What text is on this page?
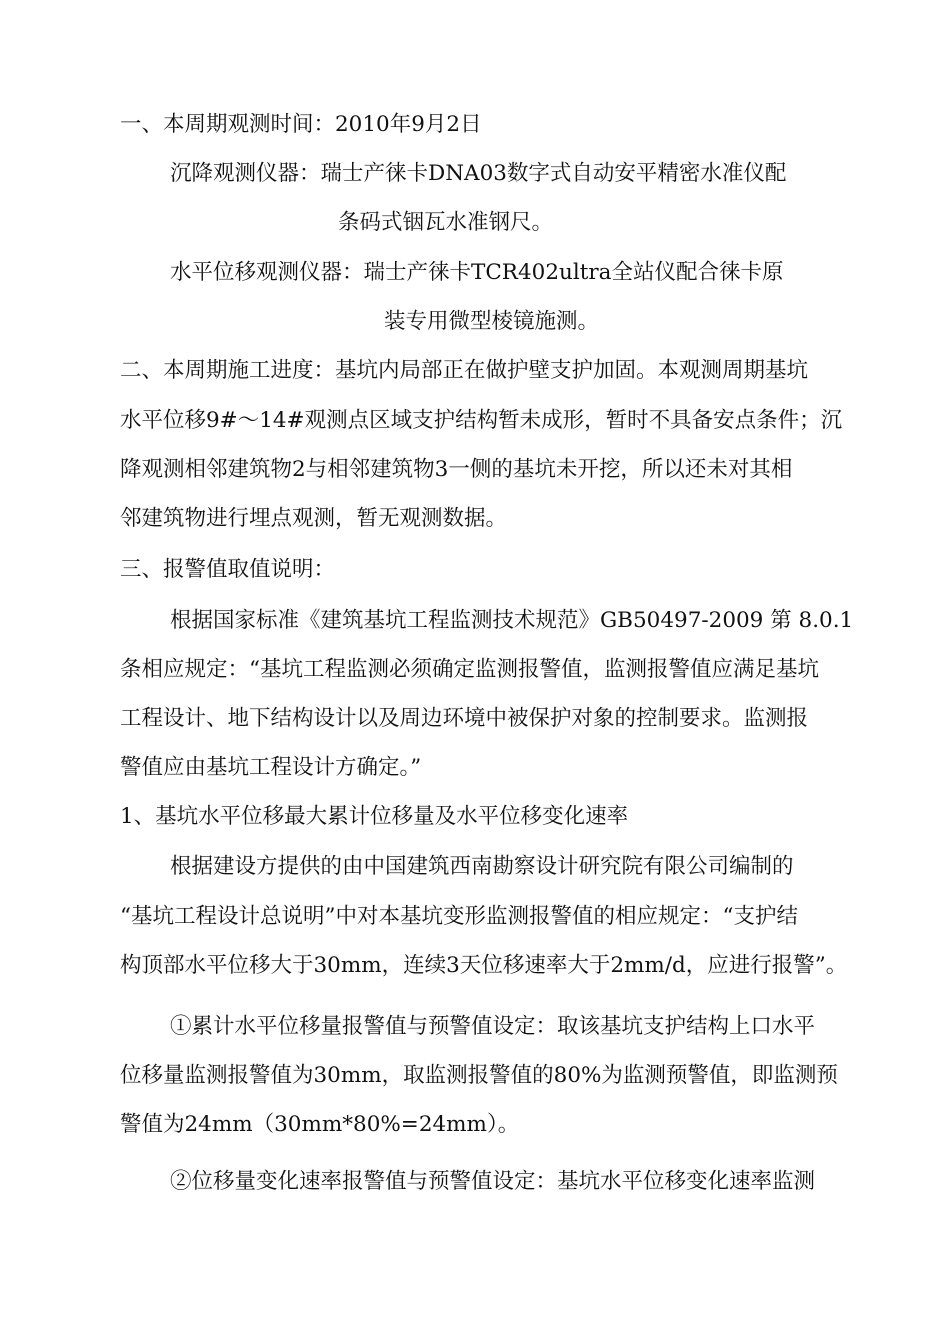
一、本周期观测时间：2010年9月2日
沉降观测仪器：瑞士产徕卡DNA03数字式自动安平精密水准仪配
条码式铟瓦水准钢尺。
水平位移观测仪器：瑞士产徕卡TCR402ultra全站仪配合徕卡原
装专用微型棱镜施测。
二、本周期施工进度：基坑内局部正在做护壁支护加固。本观测周期基坑
水平位移9#～14#观测点区域支护结构暂未成形，暂时不具备安点条件；沉
降观测相邻建筑物2与相邻建筑物3一侧的基坑未开挖，所以还未对其相
邻建筑物进行埋点观测，暂无观测数据。
三、报警值取值说明：
根据国家标准《建筑基坑工程监测技术规范》GB50497-2009 第 8.0.1
条相应规定：“基坑工程监测必须确定监测报警值，监测报警值应满足基坑
工程设计、地下结构设计以及周边环境中被保护对象的控制要求。监测报
警值应由基坑工程设计方确定。”
1、基坑水平位移最大累计位移量及水平位移变化速率
根据建设方提供的由中国建筑西南勘察设计研究院有限公司编制的
“基坑工程设计总说明”中对本基坑变形监测报警值的相应规定：“支护结
构顶部水平位移大于30mm，连续3天位移速率大于2mm/d，应进行报警”。
①累计水平位移量报警值与预警值设定：取该基坑支护结构上口水平
位移量监测报警值为30mm，取监测报警值的80%为监测预警值，即监测预
警值为24mm（30mm*80%=24mm）。
②位移量变化速率报警值与预警值设定：基坑水平位移变化速率监测
